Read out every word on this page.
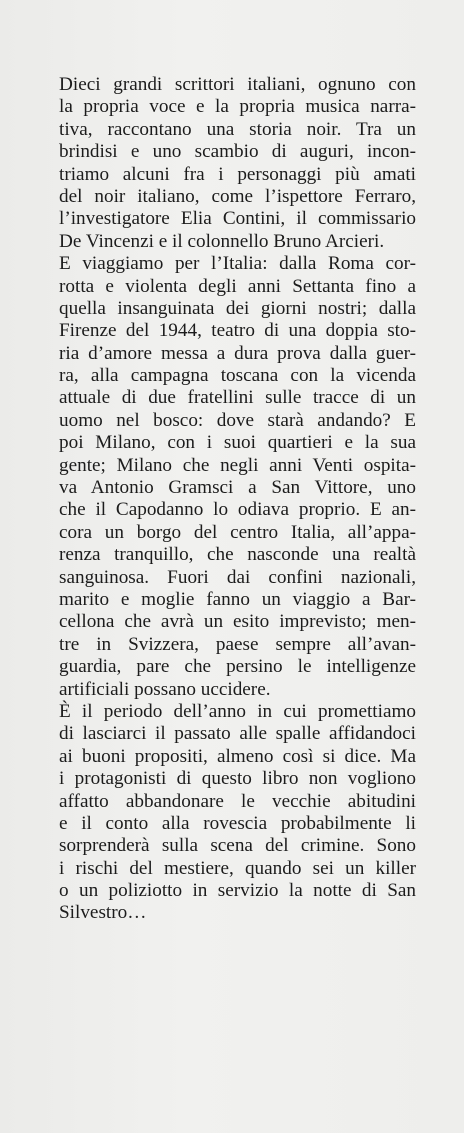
Dieci grandi scrittori italiani, ognuno con
la propria voce e la propria musica narra-
tiva, raccontano una storia noir. Tra un
brindisi e uno scambio di auguri, incon-
triamo alcuni fra i personaggi più amati
del noir italiano, come l’ispettore Ferraro,
l’investigatore Elia Contini, il commissario
De Vincenzi e il colonnello Bruno Arcieri.
E viaggiamo per l’Italia: dalla Roma cor-
rotta e violenta degli anni Settanta fino a
quella insanguinata dei giorni nostri; dalla
Firenze del 1944, teatro di una doppia sto-
ria d’amore messa a dura prova dalla guer-
ra, alla campagna toscana con la vicenda
attuale di due fratellini sulle tracce di un
uomo nel bosco: dove starà andando? E
poi Milano, con i suoi quartieri e la sua
gente; Milano che negli anni Venti ospita-
va Antonio Gramsci a San Vittore, uno
che il Capodanno lo odiava proprio. E an-
cora un borgo del centro Italia, all’appa-
renza tranquillo, che nasconde una realtà
sanguinosa. Fuori dai confini nazionali,
marito e moglie fanno un viaggio a Bar-
cellona che avrà un esito imprevisto; men-
tre in Svizzera, paese sempre all’avan-
guardia, pare che persino le intelligenze
artificiali possano uccidere.
È il periodo dell’anno in cui promettiamo
di lasciarci il passato alle spalle affidandoci
ai buoni propositi, almeno così si dice. Ma
i protagonisti di questo libro non vogliono
affatto abbandonare le vecchie abitudini
e il conto alla rovescia probabilmente li
sorprenderà sulla scena del crimine. Sono
i rischi del mestiere, quando sei un killer
o un poliziotto in servizio la notte di San
Silvestro…
